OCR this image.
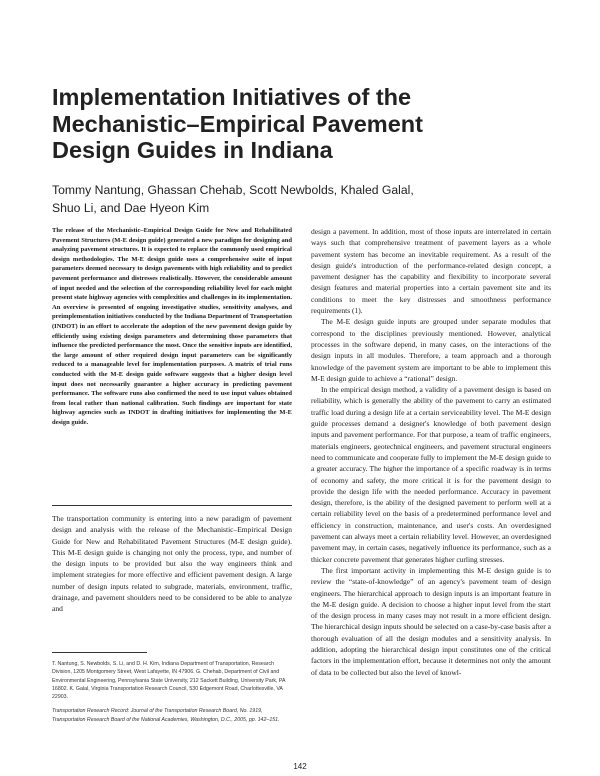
Implementation Initiatives of the
Mechanistic–Empirical Pavement
Design Guides in Indiana
Tommy Nantung, Ghassan Chehab, Scott Newbolds, Khaled Galal,
Shuo Li, and Dae Hyeon Kim

The release of the Mechanistic–Empirical Design Guide for New and Rehabilitated Pavement Structures (M-E design guide) generated a new paradigm for designing and analyzing pavement structures. It is expected to replace the commonly used empirical design methodologies. The M-E design guide uses a comprehensive suite of input parameters deemed necessary to design pavements with high reliability and to predict pavement performance and distresses realistically. However, the considerable amount of input needed and the selection of the corresponding reliability level for each might present state highway agencies with complexities and challenges in its implementation. An overview is presented of ongoing investigative studies, sensitivity analyses, and preimplementation initiatives conducted by the Indiana Department of Transportation (INDOT) in an effort to accelerate the adoption of the new pavement design guide by efficiently using existing design parameters and determining those parameters that influence the predicted performance the most. Once the sensitive inputs are identified, the large amount of other required design input parameters can be significantly reduced to a manageable level for implementation purposes. A matrix of trial runs conducted with the M-E design guide software suggests that a higher design level input does not necessarily guarantee a higher accuracy in predicting pavement performance. The software runs also confirmed the need to use input values obtained from local rather than national calibration. Such findings are important for state highway agencies such as INDOT in drafting initiatives for implementing the M-E design guide.

The transportation community is entering into a new paradigm of pavement design and analysis with the release of the Mechanistic–Empirical Design Guide for New and Rehabilitated Pavement Structures (M-E design guide). This M-E design guide is changing not only the process, type, and number of the design inputs to be provided but also the way engineers think and implement strategies for more effective and efficient pavement design. A large number of design inputs related to subgrade, materials, environment, traffic, drainage, and pavement shoulders need to be considered to be able to analyze and

T. Nantung, S. Newbolds, S. Li, and D. H. Kim, Indiana Department of Transportation, Research Division, 1205 Montgomery Street, West Lafayette, IN 47906. G. Chehab, Department of Civil and Environmental Engineering, Pennsylvania State University, 212 Sackett Building, University Park, PA 16802. K. Galal, Virginia Transportation Research Council, 530 Edgemont Road, Charlottesville, VA 22903.

Transportation Research Record: Journal of the Transportation Research Board, No. 1919, Transportation Research Board of the National Academies, Washington, D.C., 2005, pp. 142–151.

design a pavement. In addition, most of those inputs are interrelated in certain ways such that comprehensive treatment of pavement layers as a whole pavement system has become an inevitable requirement. As a result of the design guide's introduction of the performance-related design concept, a pavement designer has the capability and flexibility to incorporate several design features and material properties into a certain pavement site and its conditions to meet the key distresses and smoothness performance requirements (1).

The M-E design guide inputs are grouped under separate modules that correspond to the disciplines previously mentioned. However, analytical processes in the software depend, in many cases, on the interactions of the design inputs in all modules. Therefore, a team approach and a thorough knowledge of the pavement system are important to be able to implement this M-E design guide to achieve a “rational” design.

In the empirical design method, a validity of a pavement design is based on reliability, which is generally the ability of the pavement to carry an estimated traffic load during a design life at a certain serviceability level. The M-E design guide processes demand a designer's knowledge of both pavement design inputs and pavement performance. For that purpose, a team of traffic engineers, materials engineers, geotechnical engineers, and pavement structural engineers need to communicate and cooperate fully to implement the M-E design guide to a greater accuracy. The higher the importance of a specific roadway is in terms of economy and safety, the more critical it is for the pavement design to provide the design life with the needed performance. Accuracy in pavement design, therefore, is the ability of the designed pavement to perform well at a certain reliability level on the basis of a predetermined performance level and efficiency in construction, maintenance, and user's costs. An overdesigned pavement can always meet a certain reliability level. However, an overdesigned pavement may, in certain cases, negatively influence its performance, such as a thicker concrete pavement that generates higher curling stresses.

The first important activity in implementing this M-E design guide is to review the “state-of-knowledge” of an agency's pavement team of design engineers. The hierarchical approach to design inputs is an important feature in the M-E design guide. A decision to choose a higher input level from the start of the design process in many cases may not result in a more efficient design. The hierarchical design inputs should be selected on a case-by-case basis after a thorough evaluation of all the design modules and a sensitivity analysis. In addition, adopting the hierarchical design input constitutes one of the critical factors in the implementation effort, because it determines not only the amount of data to be collected but also the level of knowl-

142
